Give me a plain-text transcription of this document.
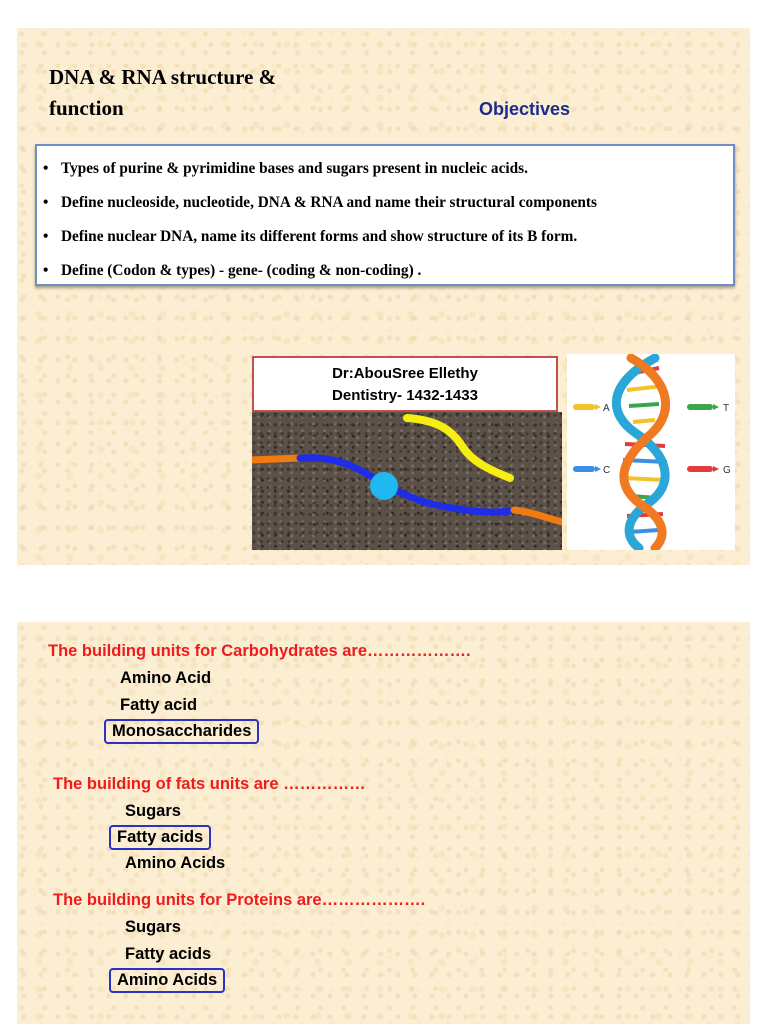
DNA & RNA structure &
function	Objectives
• Types of purine & pyrimidine bases and sugars present in nucleic acids.
• Define nucleoside, nucleotide, DNA & RNA and name their structural components
• Define nuclear DNA, name its different forms and show structure of its B form.
• Define (Codon & types) - gene- (coding & non-coding) .
Dr:AbouSree Ellethy
Dentistry- 1432-1433
A	T
C	G

The building units for Carbohydrates are……………….

Amino Acid
Fatty acid
Monosaccharides

The building of fats units are ……………

Sugars
Fatty acids
Amino Acids

The building units for Proteins are……………….

Sugars
Fatty acids
Amino Acids
